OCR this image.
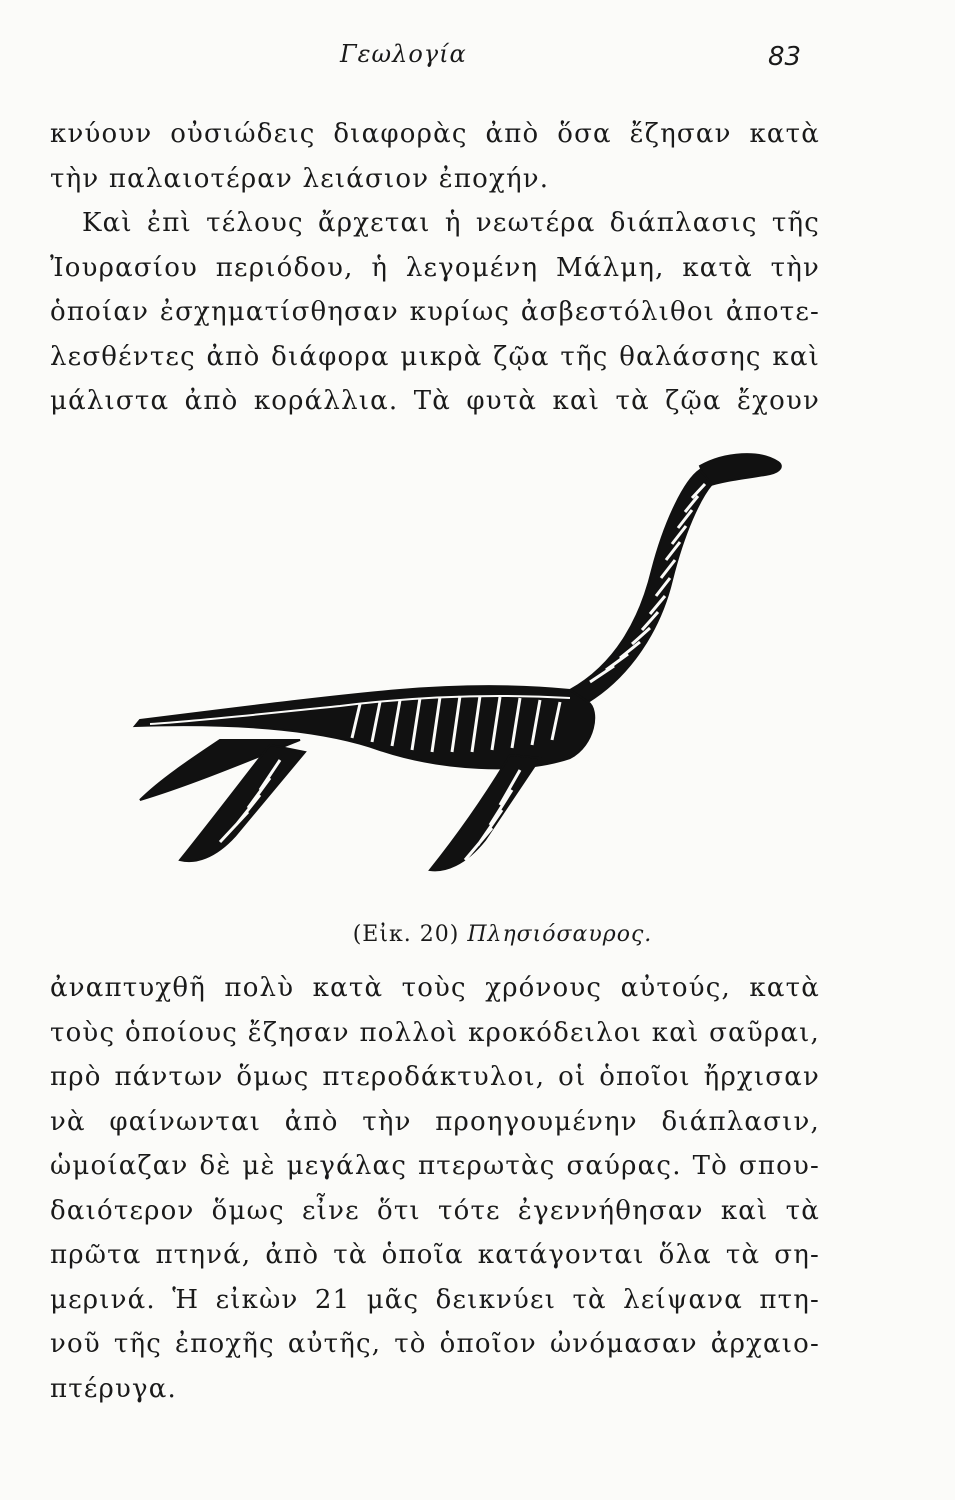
Γεωλογία	83
κνύουν οὐσιώδεις διαφορὰς ἀπὸ ὅσα ἔζησαν κατὰ
τὴν παλαιοτέραν λειάσιον ἐποχήν.
Καὶ ἐπὶ τέλους ἄρχεται ἡ νεωτέρα διάπλασις τῆς
Ἰουρασίου περιόδου, ἡ λεγομένη Μάλμη, κατὰ τὴν
ὁποίαν ἐσχηματίσθησαν κυρίως ἀσβεστόλιθοι ἀποτε-
λεσθέντες ἀπὸ διάφορα μικρὰ ζῷα τῆς θαλάσσης καὶ
μάλιστα ἀπὸ κοράλλια. Τὰ φυτὰ καὶ τὰ ζῷα ἔχουν
(Εἰκ. 20) Πλησιόσαυρος.
ἀναπτυχθῆ πολὺ κατὰ τοὺς χρόνους αὐτούς, κατὰ
τοὺς ὁποίους ἔζησαν πολλοὶ κροκόδειλοι καὶ σαῦραι,
πρὸ πάντων ὅμως πτεροδάκτυλοι, οἱ ὁποῖοι ἤρχισαν
νὰ φαίνωνται ἀπὸ τὴν προηγουμένην διάπλασιν,
ὡμοίαζαν δὲ μὲ μεγάλας πτερωτὰς σαύρας. Τὸ σπου-
δαιότερον ὅμως εἶνε ὅτι τότε ἐγεννήθησαν καὶ τὰ
πρῶτα πτηνά, ἀπὸ τὰ ὁποῖα κατάγονται ὅλα τὰ ση-
μερινά. Ἡ εἰκὼν 21 μᾶς δεικνύει τὰ λείψανα πτη-
νοῦ τῆς ἐποχῆς αὐτῆς, τὸ ὁποῖον ὠνόμασαν ἀρχαιο-
πτέρυγα.
